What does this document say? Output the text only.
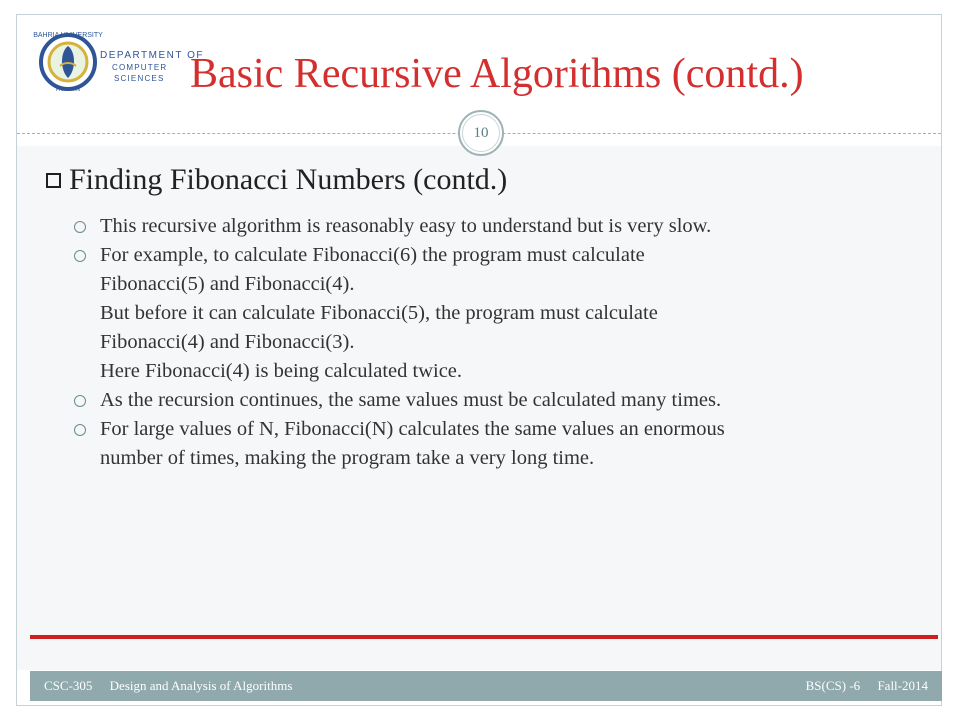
BAHRIA UNIVERSITY
PAKISTAN
DEPARTMENT OF
COMPUTER
SCIENCES Basic Recursive Algorithms (contd.)
10
Finding Fibonacci Numbers (contd.)
This recursive algorithm is reasonably easy to understand but is very slow.
For example, to calculate Fibonacci(6) the program must calculate
Fibonacci(5) and Fibonacci(4).
But before it can calculate Fibonacci(5), the program must calculate
Fibonacci(4) and Fibonacci(3).
Here Fibonacci(4) is being calculated twice.
As the recursion continues, the same values must be calculated many times.
For large values of N, Fibonacci(N) calculates the same values an enormous
number of times, making the program take a very long time.
CSC-305 Design and Analysis of Algorithms	BS(CS) -6 Fall-2014
